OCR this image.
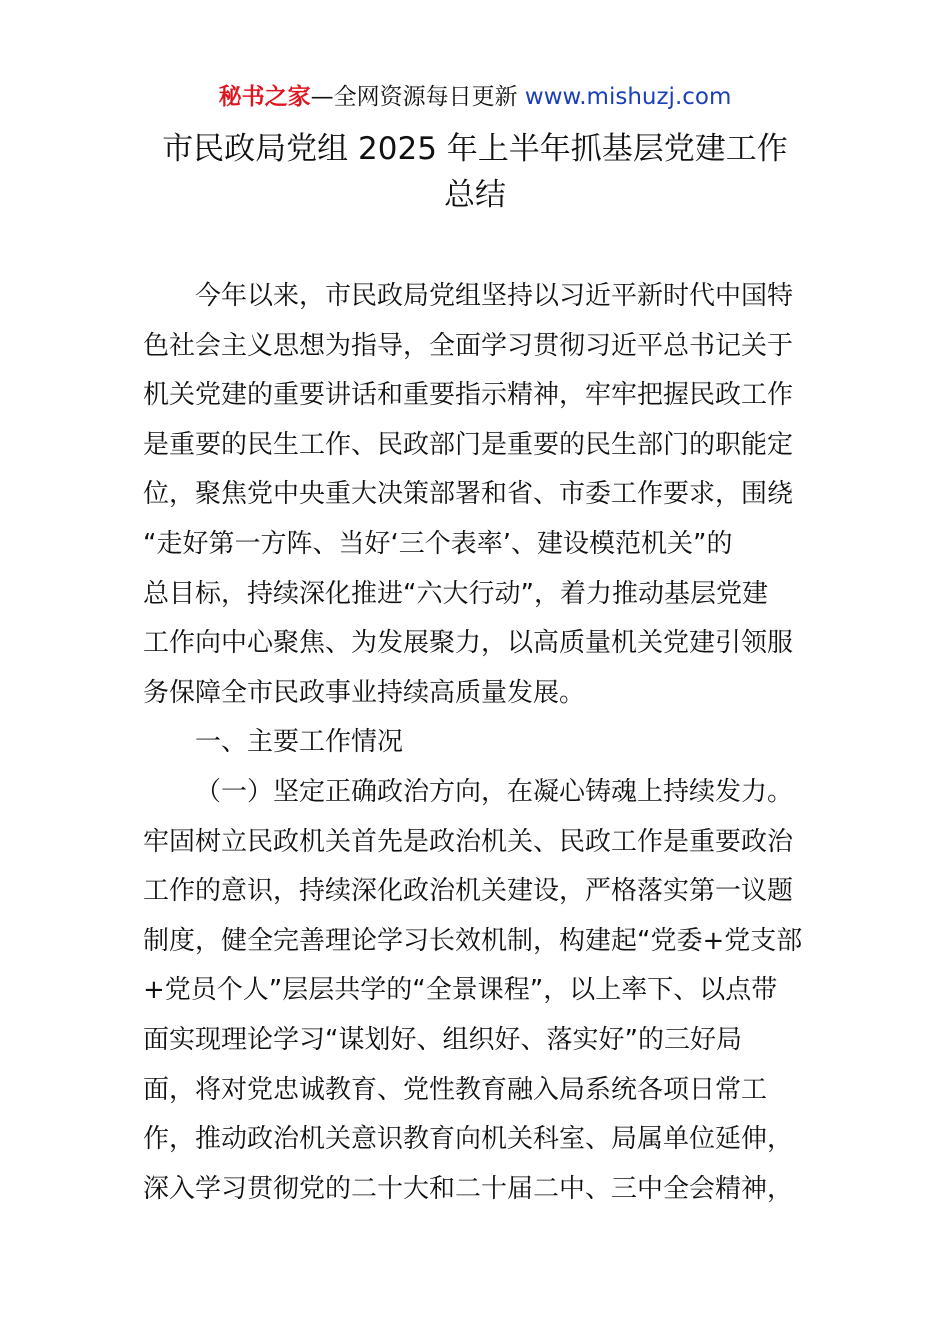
秘书之家—全网资源每日更新 www.mishuzj.com
市民政局党组 2025 年上半年抓基层党建工作
总结
今年以来，市民政局党组坚持以习近平新时代中国特
色社会主义思想为指导，全面学习贯彻习近平总书记关于
机关党建的重要讲话和重要指示精神，牢牢把握民政工作
是重要的民生工作、民政部门是重要的民生部门的职能定
位，聚焦党中央重大决策部署和省、市委工作要求，围绕
“走好第一方阵、当好‘三个表率’、建设模范机关”的
总目标，持续深化推进“六大行动”，着力推动基层党建
工作向中心聚焦、为发展聚力，以高质量机关党建引领服
务保障全市民政事业持续高质量发展。
一、主要工作情况
（一）坚定正确政治方向，在凝心铸魂上持续发力。
牢固树立民政机关首先是政治机关、民政工作是重要政治
工作的意识，持续深化政治机关建设，严格落实第一议题
制度，健全完善理论学习长效机制，构建起“党委+党支部
+党员个人”层层共学的“全景课程”，以上率下、以点带
面实现理论学习“谋划好、组织好、落实好”的三好局
面，将对党忠诚教育、党性教育融入局系统各项日常工
作，推动政治机关意识教育向机关科室、局属单位延伸，
深入学习贯彻党的二十大和二十届二中、三中全会精神，
